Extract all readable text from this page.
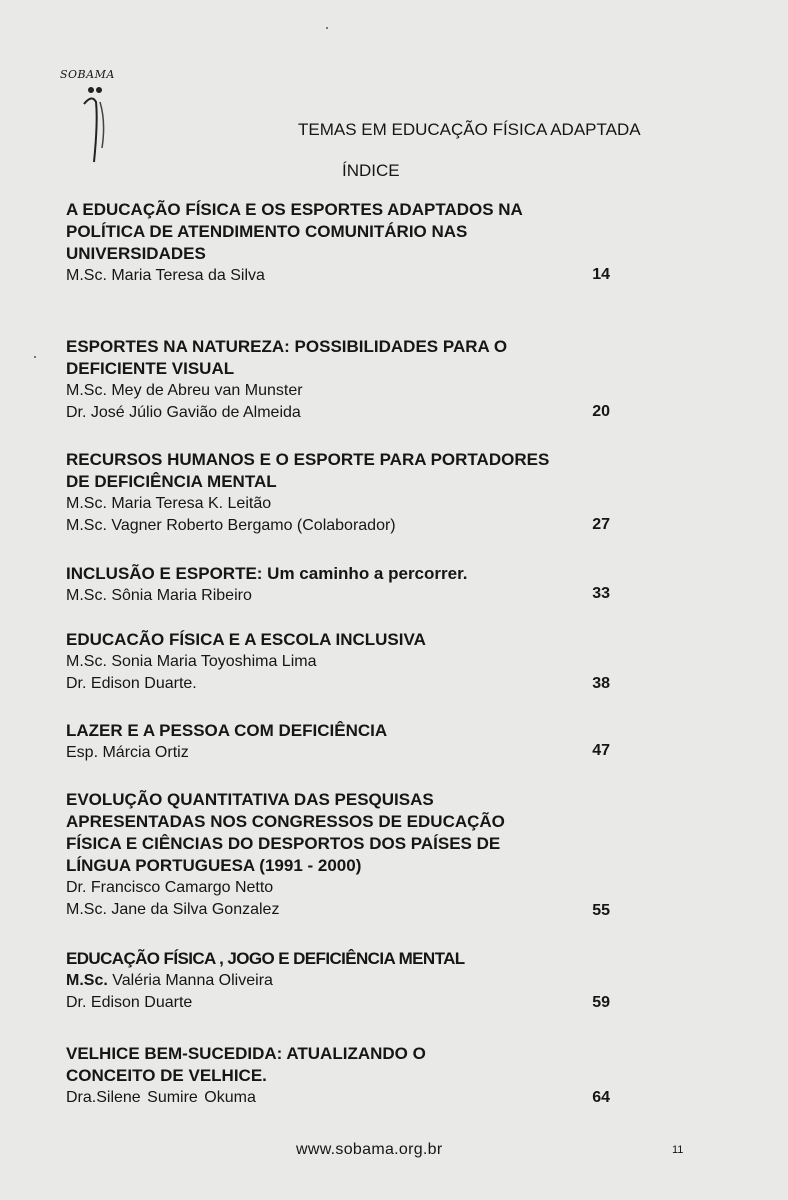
SOBAMA
TEMAS EM EDUCAÇÃO FÍSICA ADAPTADA
ÍNDICE
A EDUCAÇÃO FÍSICA E OS ESPORTES ADAPTADOS NA POLÍTICA DE ATENDIMENTO COMUNITÁRIO NAS UNIVERSIDADES
M.Sc. Maria Teresa da Silva	14
ESPORTES NA NATUREZA: POSSIBILIDADES PARA O DEFICIENTE VISUAL
M.Sc. Mey de Abreu van Munster
Dr. José Júlio Gavião de Almeida	20
RECURSOS HUMANOS E O ESPORTE PARA PORTADORES DE DEFICIÊNCIA MENTAL
M.Sc. Maria Teresa K. Leitão
M.Sc. Vagner Roberto Bergamo (Colaborador)	27
INCLUSÃO E ESPORTE: Um caminho a percorrer.
M.Sc. Sônia Maria Ribeiro	33
EDUCACÃO FÍSICA E A ESCOLA INCLUSIVA
M.Sc. Sonia Maria Toyoshima Lima
Dr. Edison Duarte.	38
LAZER E A PESSOA COM DEFICIÊNCIA
Esp. Márcia Ortiz	47
EVOLUÇÃO QUANTITATIVA DAS PESQUISAS APRESENTADAS NOS CONGRESSOS DE EDUCAÇÃO FÍSICA E CIÊNCIAS DO DESPORTOS DOS PAÍSES DE LÍNGUA PORTUGUESA (1991 - 2000)
Dr. Francisco Camargo Netto
M.Sc. Jane da Silva Gonzalez	55
EDUCAÇÃO FÍSICA , JOGO E DEFICIÊNCIA MENTAL
M.Sc. Valéria Manna Oliveira
Dr. Edison Duarte	59
VELHICE BEM-SUCEDIDA: ATUALIZANDO O CONCEITO DE VELHICE.
Dra.Silene Sumire Okuma	64
www.sobama.org.br	11
